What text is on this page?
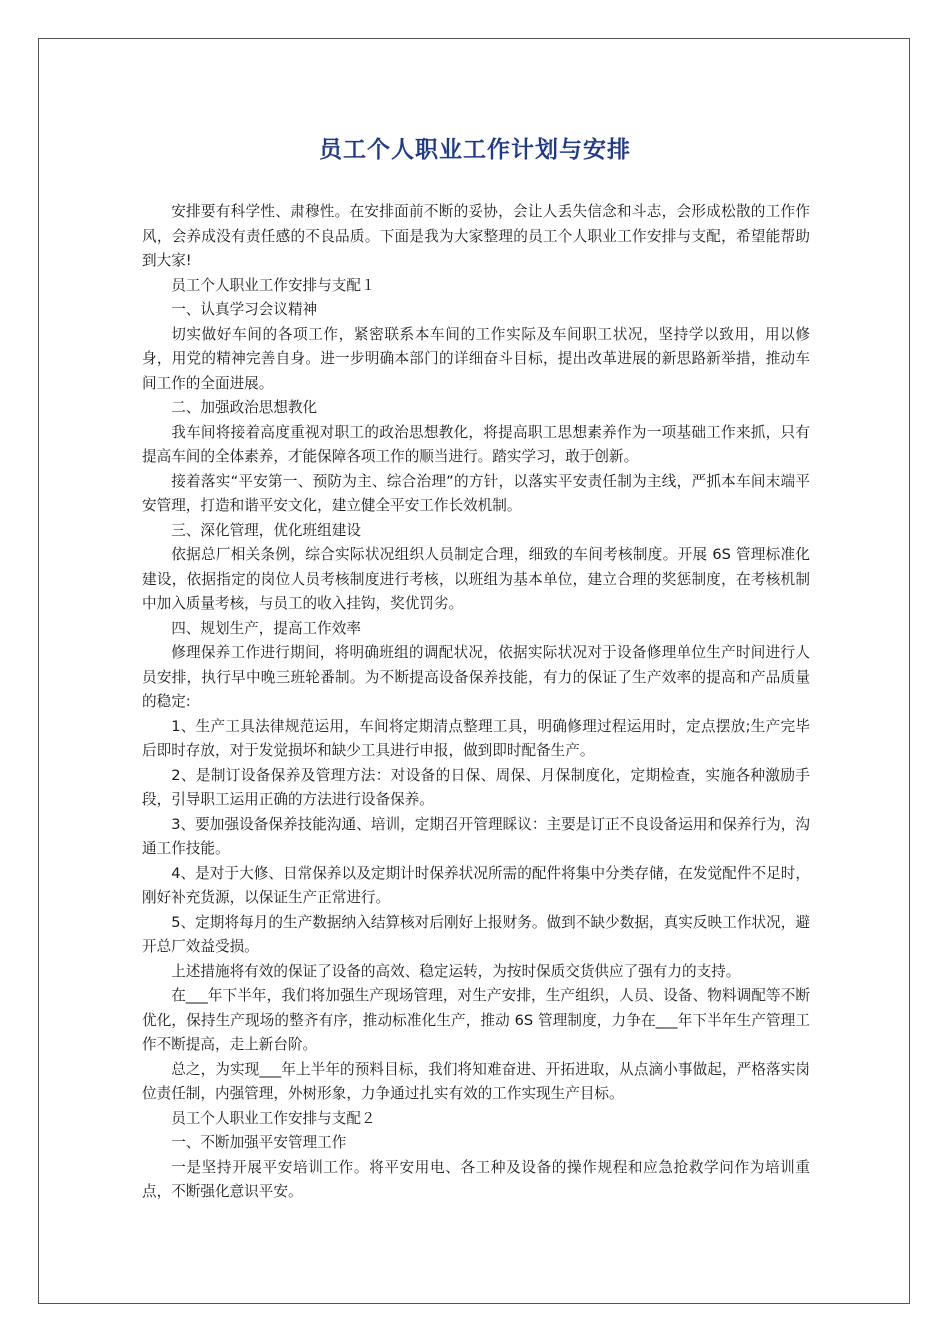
员工个人职业工作计划与安排

安排要有科学性、肃穆性。在安排面前不断的妥协，会让人丢失信念和斗志，会形成松散的工作作风，会养成没有责任感的不良品质。下面是我为大家整理的员工个人职业工作安排与支配，希望能帮助到大家!

员工个人职业工作安排与支配１

一、认真学习会议精神

切实做好车间的各项工作，紧密联系本车间的工作实际及车间职工状况，坚持学以致用，用以修身，用党的精神完善自身。进一步明确本部门的详细奋斗目标，提出改革进展的新思路新举措，推动车间工作的全面进展。

二、加强政治思想教化

我车间将接着高度重视对职工的政治思想教化，将提高职工思想素养作为一项基础工作来抓，只有提高车间的全体素养，才能保障各项工作的顺当进行。踏实学习，敢于创新。

接着落实“平安第一、预防为主、综合治理”的方针，以落实平安责任制为主线，严抓本车间末端平安管理，打造和谐平安文化，建立健全平安工作长效机制。

三、深化管理，优化班组建设

依据总厂相关条例，综合实际状况组织人员制定合理，细致的车间考核制度。开展 6S 管理标准化建设，依据指定的岗位人员考核制度进行考核，以班组为基本单位，建立合理的奖惩制度，在考核机制中加入质量考核，与员工的收入挂钩，奖优罚劣。

四、规划生产，提高工作效率

修理保养工作进行期间，将明确班组的调配状况，依据实际状况对于设备修理单位生产时间进行人员安排，执行早中晚三班轮番制。为不断提高设备保养技能，有力的保证了生产效率的提高和产品质量的稳定:

1、生产工具法律规范运用，车间将定期清点整理工具，明确修理过程运用时，定点摆放;生产完毕后即时存放，对于发觉损坏和缺少工具进行申报，做到即时配备生产。

2、是制订设备保养及管理方法：对设备的日保、周保、月保制度化，定期检查，实施各种激励手段，引导职工运用正确的方法进行设备保养。

3、要加强设备保养技能沟通、培训，定期召开管理睬议：主要是订正不良设备运用和保养行为，沟通工作技能。

4、是对于大修、日常保养以及定期计时保养状况所需的配件将集中分类存储，在发觉配件不足时，刚好补充货源，以保证生产正常进行。

5、定期将每月的生产数据纳入结算核对后刚好上报财务。做到不缺少数据，真实反映工作状况，避开总厂效益受损。

上述措施将有效的保证了设备的高效、稳定运转，为按时保质交货供应了强有力的支持。

在___年下半年，我们将加强生产现场管理，对生产安排，生产组织，人员、设备、物料调配等不断优化，保持生产现场的整齐有序，推动标准化生产，推动 6S 管理制度，力争在___年下半年生产管理工作不断提高，走上新台阶。

总之，为实现___年上半年的预料目标，我们将知难奋进、开拓进取，从点滴小事做起，严格落实岗位责任制，内强管理，外树形象，力争通过扎实有效的工作实现生产目标。

员工个人职业工作安排与支配２

一、不断加强平安管理工作

一是坚持开展平安培训工作。将平安用电、各工种及设备的操作规程和应急抢救学问作为培训重点，不断强化意识平安。
